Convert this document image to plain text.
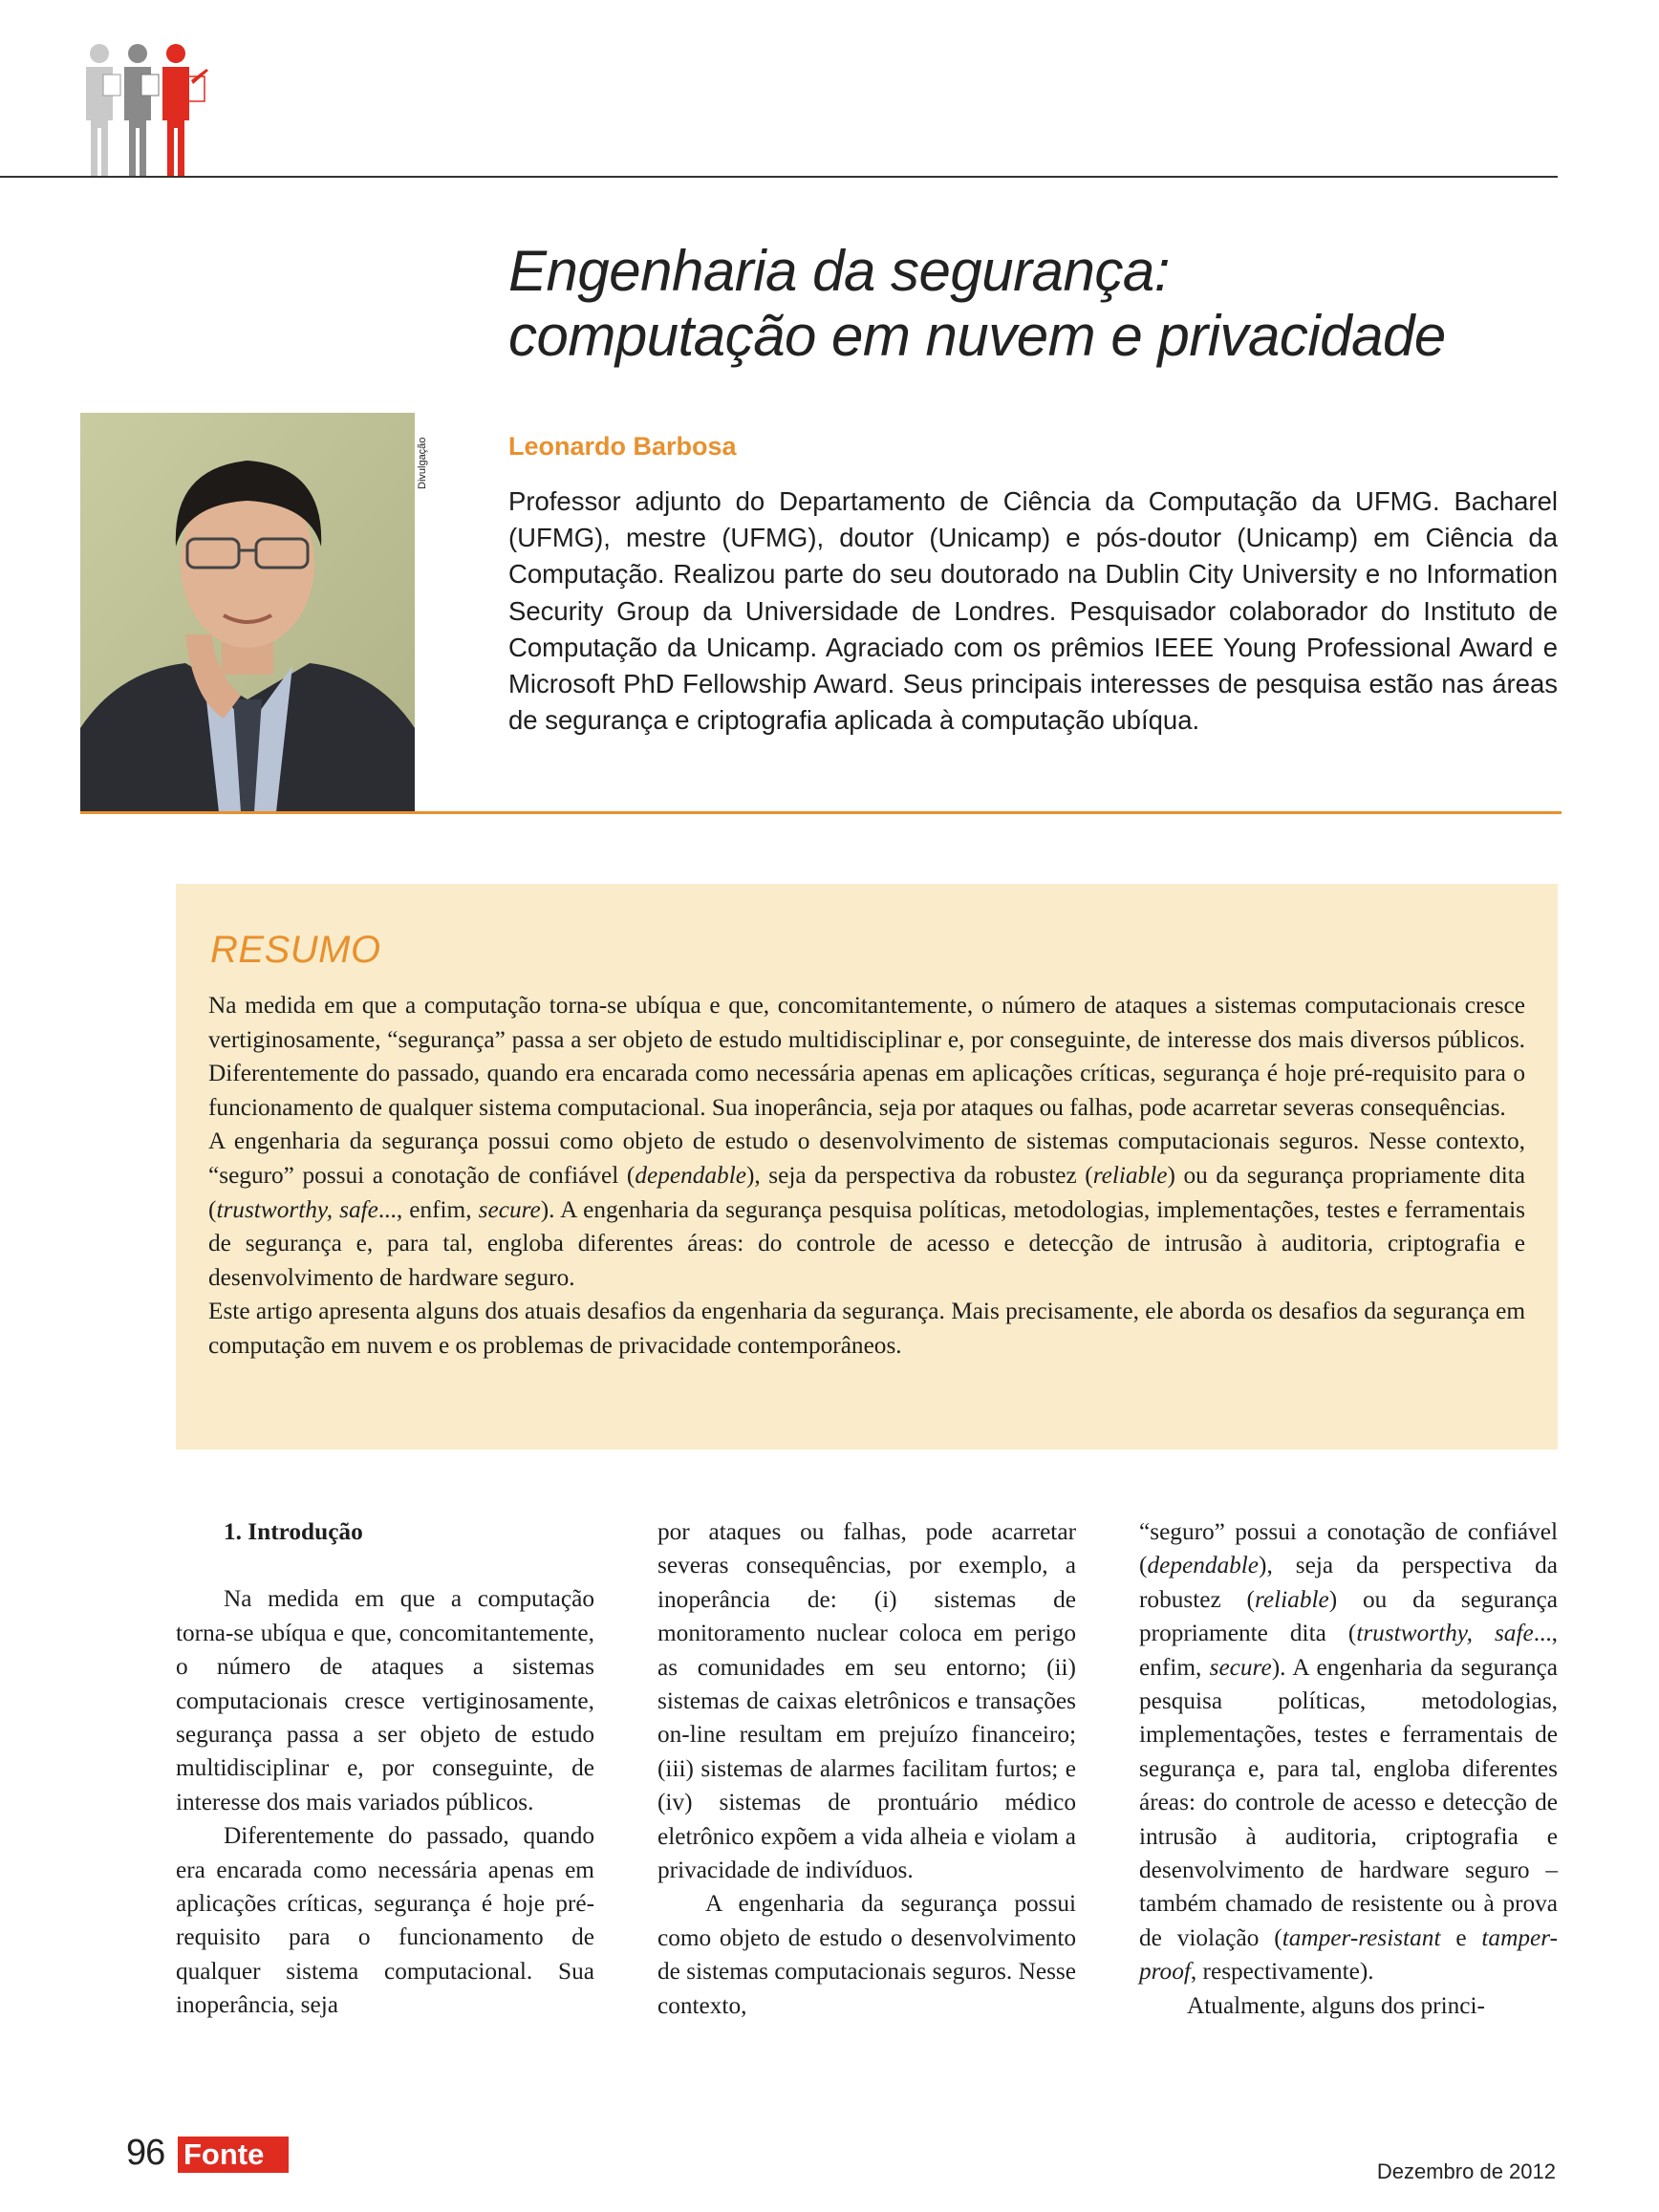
Engenharia da segurança:
computação em nuvem e privacidade
Divulgação	Leonardo Barbosa
Professor adjunto do Departamento de Ciência da Computação da UFMG. Bacharel (UFMG), mestre (UFMG), doutor (Unicamp) e pós-doutor (Unicamp) em Ciência da Computação. Realizou parte do seu doutorado na Dublin City University e no Information Security Group da Universidade de Londres. Pesquisador colaborador do Instituto de Computação da Unicamp. Agraciado com os prêmios IEEE Young Professional Award e Microsoft PhD Fellowship Award. Seus principais interesses de pesquisa estão nas áreas de segurança e criptografia aplicada à computação ubíqua.
RESUMO

Na medida em que a computação torna-se ubíqua e que, concomitantemente, o número de ataques a sistemas computacionais cresce vertiginosamente, “segurança” passa a ser objeto de estudo multidisciplinar e, por conseguinte, de interesse dos mais diversos públicos. Diferentemente do passado, quando era encarada como necessária apenas em aplicações críticas, segurança é hoje pré-requisito para o funcionamento de qualquer sistema computacional. Sua inoperância, seja por ataques ou falhas, pode acarretar severas consequências.

A engenharia da segurança possui como objeto de estudo o desenvolvimento de sistemas computacionais seguros. Nesse contexto, “seguro” possui a conotação de confiável (dependable), seja da perspectiva da robustez (reliable) ou da segurança propriamente dita (trustworthy, safe..., enfim, secure). A engenharia da segurança pesquisa políticas, metodologias, implementações, testes e ferramentais de segurança e, para tal, engloba diferentes áreas: do controle de acesso e detecção de intrusão à auditoria, criptografia e desenvolvimento de hardware seguro.

Este artigo apresenta alguns dos atuais desafios da engenharia da segurança. Mais precisamente, ele aborda os desafios da segurança em computação em nuvem e os problemas de privacidade contemporâneos.

1. Introdução

Na medida em que a computação torna-se ubíqua e que, concomitantemente, o número de ataques a sistemas computacionais cresce vertiginosamente, segurança passa a ser objeto de estudo multidisciplinar e, por conseguinte, de interesse dos mais variados públicos.

Diferentemente do passado, quando era encarada como necessária apenas em aplicações críticas, segurança é hoje pré-requisito para o funcionamento de qualquer sistema computacional. Sua inoperância, seja

por ataques ou falhas, pode acarretar severas consequências, por exemplo, a inoperância de: (i) sistemas de monitoramento nuclear coloca em perigo as comunidades em seu entorno; (ii) sistemas de caixas eletrônicos e transações on-line resultam em prejuízo financeiro; (iii) sistemas de alarmes facilitam furtos; e (iv) sistemas de prontuário médico eletrônico expõem a vida alheia e violam a privacidade de indivíduos.

A engenharia da segurança possui como objeto de estudo o desenvolvimento de sistemas computacionais seguros. Nesse contexto,

“seguro” possui a conotação de confiável (dependable), seja da perspectiva da robustez (reliable) ou da segurança propriamente dita (trustworthy, safe..., enfim, secure). A engenharia da segurança pesquisa políticas, metodologias, implementações, testes e ferramentais de segurança e, para tal, engloba diferentes áreas: do controle de acesso e detecção de intrusão à auditoria, criptografia e desenvolvimento de hardware seguro – também chamado de resistente ou à prova de violação (tamper-resistant e tamper-proof, respectivamente).

Atualmente, alguns dos princi-

96 Fonte
Dezembro de 2012
